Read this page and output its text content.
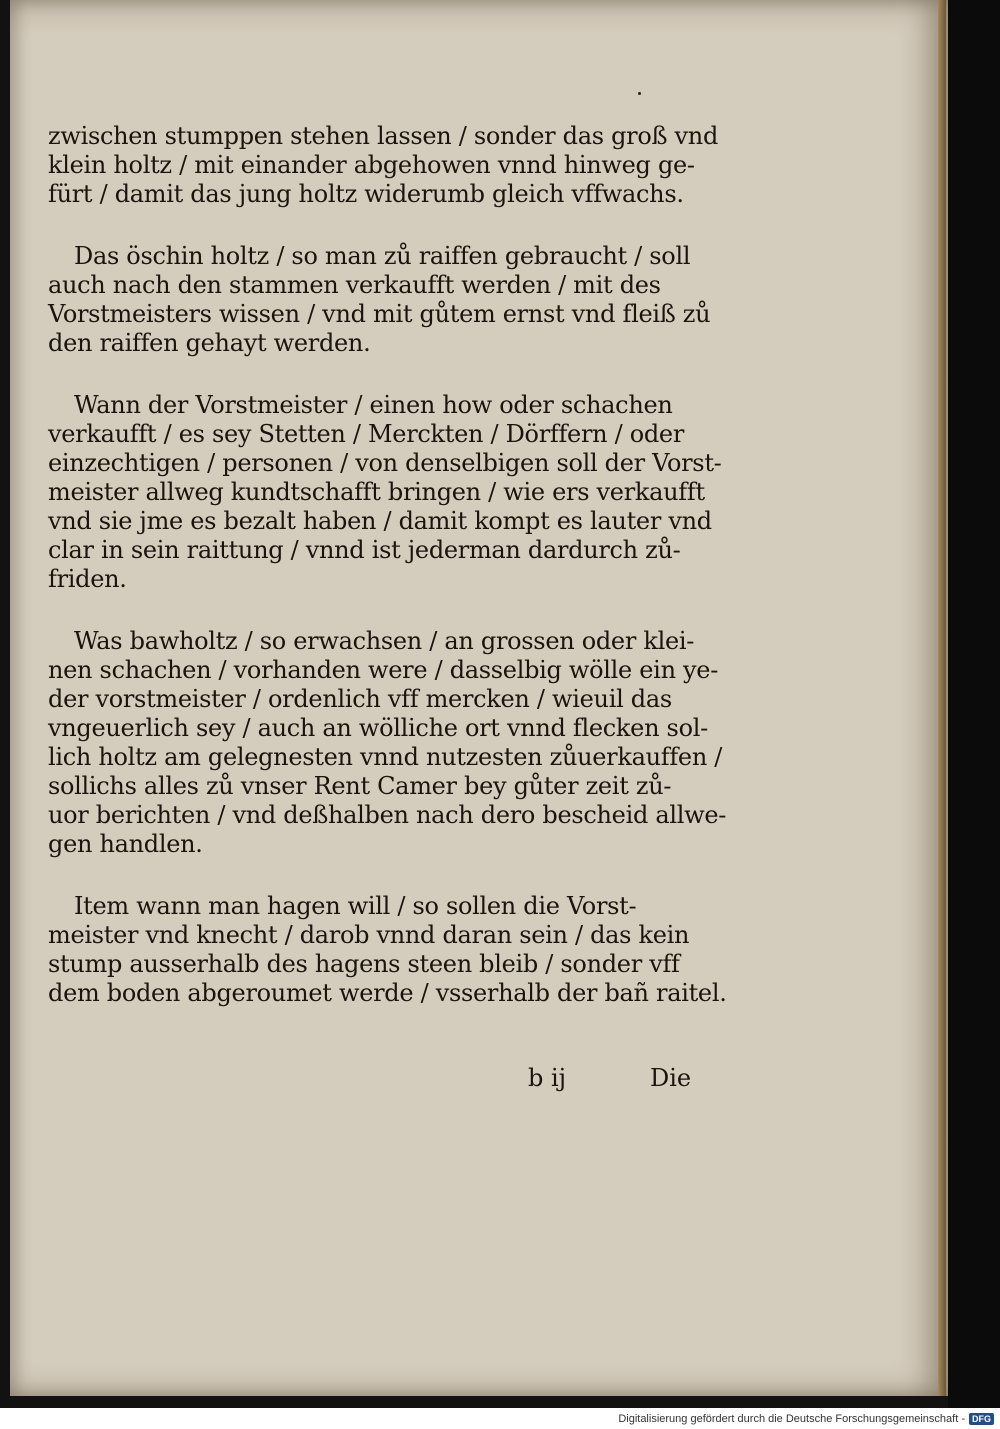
zwischen stumppen stehen lassen / sonder das groß vnd
klein holtz / mit einander abgehowen vnnd hinweg ge-
fürt / damit das jung holtz widerumb gleich vffwachs.

Das öschin holtz / so man zů raiffen gebraucht / soll
auch nach den stammen verkaufft werden / mit des
Vorstmeisters wissen / vnd mit gůtem ernst vnd fleiß zů
den raiffen gehayt werden.

Wann der Vorstmeister / einen how oder schachen
verkaufft / es sey Stetten / Merckten / Dörffern / oder
einzechtigen / personen / von denselbigen soll der Vorst-
meister allweg kundtschafft bringen / wie ers verkaufft
vnd sie jme es bezalt haben / damit kompt es lauter vnd
clar in sein raittung / vnnd ist jederman dardurch zů-
friden.

Was bawholtz / so erwachsen / an grossen oder klei-
nen schachen / vorhanden were / dasselbig wölle ein ye-
der vorstmeister / ordenlich vff mercken / wieuil das
vngeuerlich sey / auch an wölliche ort vnnd flecken sol-
lich holtz am gelegnesten vnnd nutzesten zůuerkauffen /
sollichs alles zů vnser Rent Camer bey gůter zeit zů-
uor berichten / vnd deßhalben nach dero bescheid allwe-
gen handlen.

Item wann man hagen will / so sollen die Vorst-
meister vnd knecht / darob vnnd daran sein / das kein
stump ausserhalb des hagens steen bleib / sonder vff
dem boden abgeroumet werde / vsserhalb der bañ raitel.

b ij	Die
Digitalisierung gefördert durch die Deutsche Forschungsgemeinschaft - DFG
